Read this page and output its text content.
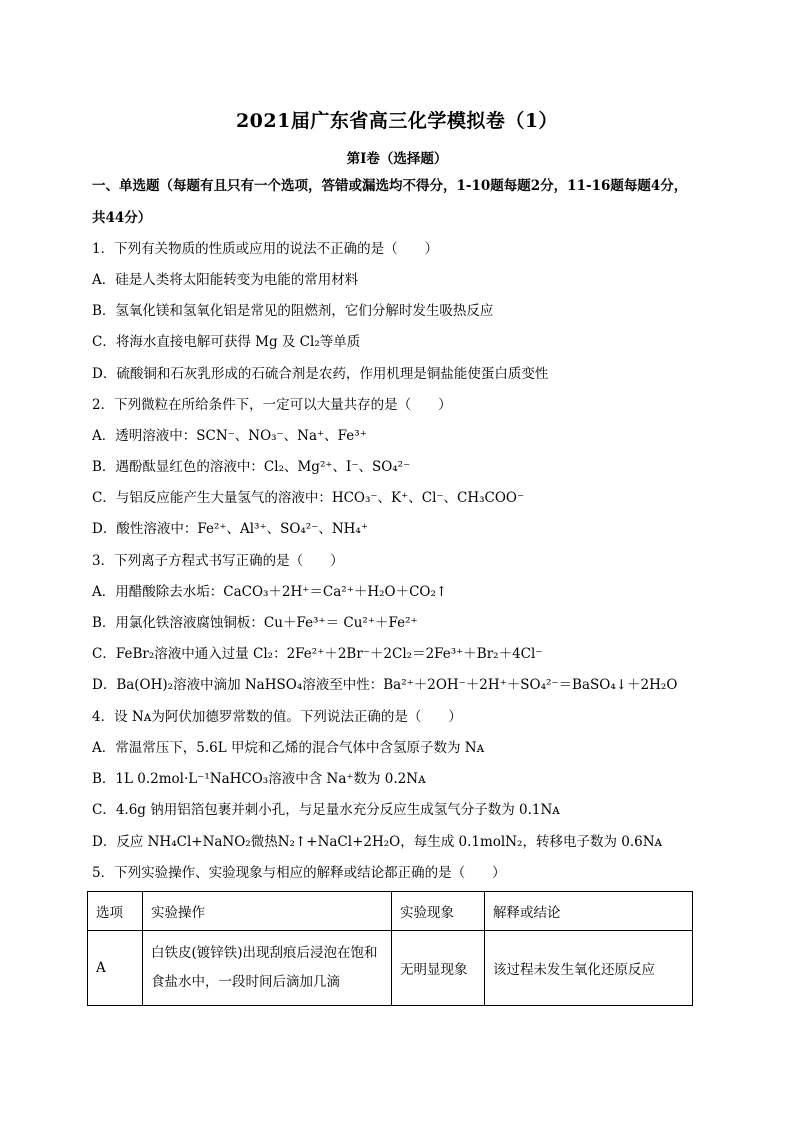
2021届广东省高三化学模拟卷（1）
第I卷（选择题）
一、单选题（每题有且只有一个选项，答错或漏选均不得分，1-10题每题2分，11-16题每题4分，
共44分）
1．下列有关物质的性质或应用的说法不正确的是（　　）
A．硅是人类将太阳能转变为电能的常用材料
B．氢氧化镁和氢氧化铝是常见的阻燃剂，它们分解时发生吸热反应
C．将海水直接电解可获得 Mg 及 Cl₂等单质
D．硫酸铜和石灰乳形成的石硫合剂是农药，作用机理是铜盐能使蛋白质变性
2．下列微粒在所给条件下，一定可以大量共存的是（　　）
A．透明溶液中：SCN⁻、NO₃⁻、Na⁺、Fe³⁺
B．遇酚酞显红色的溶液中：Cl₂、Mg²⁺、I⁻、SO₄²⁻
C．与铝反应能产生大量氢气的溶液中：HCO₃⁻、K⁺、Cl⁻、CH₃COO⁻
D．酸性溶液中：Fe²⁺、Al³⁺、SO₄²⁻、NH₄⁺
3．下列离子方程式书写正确的是（　　）
A．用醋酸除去水垢：CaCO₃＋2H⁺＝Ca²⁺＋H₂O＋CO₂↑
B．用氯化铁溶液腐蚀铜板：Cu＋Fe³⁺＝ Cu²⁺＋Fe²⁺
C．FeBr₂溶液中通入过量 Cl₂：2Fe²⁺＋2Br⁻＋2Cl₂＝2Fe³⁺＋Br₂＋4Cl⁻
D．Ba(OH)₂溶液中滴加 NaHSO₄溶液至中性：Ba²⁺＋2OH⁻＋2H⁺＋SO₄²⁻＝BaSO₄↓＋2H₂O
4．设 Nᴀ为阿伏加德罗常数的值。下列说法正确的是（　　）
A．常温常压下，5.6L 甲烷和乙烯的混合气体中含氢原子数为 Nᴀ
B．1L 0.2mol·L⁻¹NaHCO₃溶液中含 Na⁺数为 0.2Nᴀ
C．4.6g 钠用铝箔包裹并刺小孔，与足量水充分反应生成氢气分子数为 0.1Nᴀ
D．反应 NH₄Cl+NaNO₂微热N₂↑+NaCl+2H₂O，每生成 0.1molN₂，转移电子数为 0.6Nᴀ
5．下列实验操作、实验现象与相应的解释或结论都正确的是（　　）
选项	实验操作	实验现象	解释或结论
A	白铁皮(镀锌铁)出现刮痕后浸泡在饱和
食盐水中，一段时间后滴加几滴	无明显现象	该过程未发生氧化还原反应
